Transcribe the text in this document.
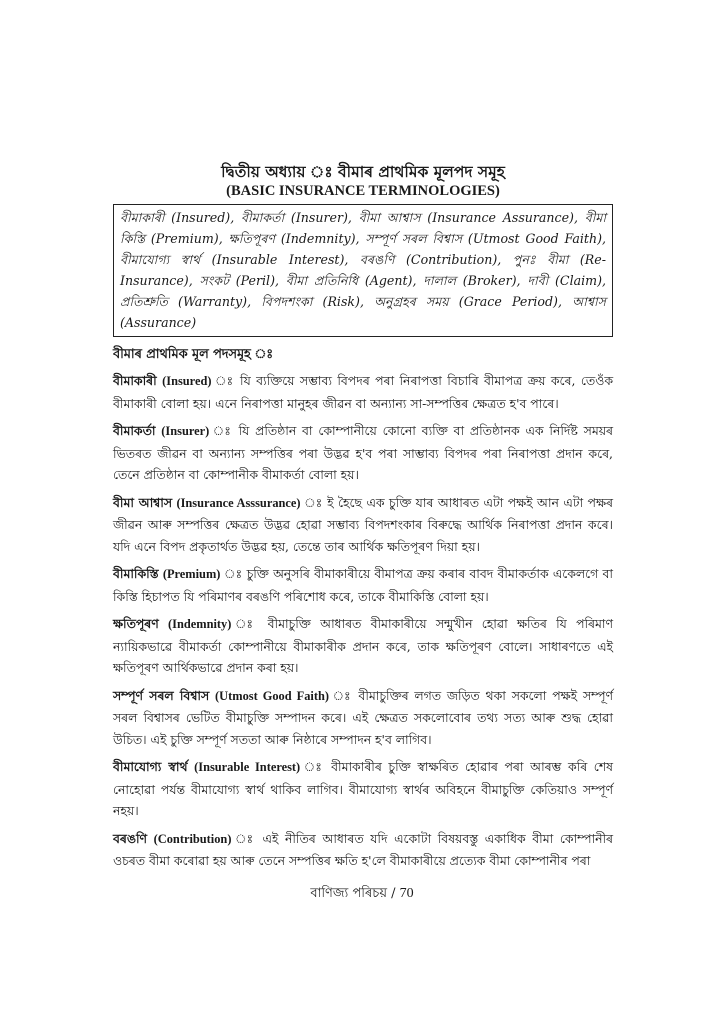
দ্বিতীয় অধ্যায় ঃ বীমাৰ প্ৰাথমিক মূলপদ সমূহ
(BASIC INSURANCE TERMINOLOGIES)
বীমাকাৰী (Insured), বীমাকৰ্তা (Insurer), বীমা আশ্বাস (Insurance Assurance), বীমা কিস্তি (Premium), ক্ষতিপূৰণ (Indemnity), সম্পূৰ্ণ সৰল বিশ্বাস (Utmost Good Faith), বীমাযোগ্য স্বাৰ্থ (Insurable Interest), বৰঙণি (Contribution), পুনঃ বীমা (Re-Insurance), সংকট (Peril), বীমা প্ৰতিনিধি (Agent), দালাল (Broker), দাবী (Claim), প্ৰতিশ্ৰুতি (Warranty), বিপদশংকা (Risk), অনুগ্ৰহৰ সময় (Grace Period), আশ্বাস (Assurance)
বীমাৰ প্ৰাথমিক মূল পদসমূহ ঃ

বীমাকাৰী (Insured) ঃ যি ব্যক্তিয়ে সম্ভাব্য বিপদৰ পৰা নিৰাপত্তা বিচাৰি বীমাপত্ৰ ক্ৰয় কৰে, তেওঁক বীমাকাৰী বোলা হয়। এনে নিৰাপত্তা মানুহৰ জীৱন বা অন্যান্য সা-সম্পত্তিৰ ক্ষেত্ৰত হ'ব পাৰে।

বীমাকৰ্তা (Insurer) ঃ যি প্ৰতিষ্ঠান বা কোম্পানীয়ে কোনো ব্যক্তি বা প্ৰতিষ্ঠানক এক নিৰ্দিষ্ট সময়ৰ ভিতৰত জীৱন বা অন্যান্য সম্পত্তিৰ পৰা উদ্ভৱ হ'ব পৰা সাম্ভাব্য বিপদৰ পৰা নিৰাপত্তা প্ৰদান কৰে, তেনে প্ৰতিষ্ঠান বা কোম্পানীক বীমাকৰ্তা বোলা হয়।

বীমা আশ্বাস (Insurance Asssurance) ঃ ই হৈছে এক চুক্তি যাৰ আধাৰত এটা পক্ষই আন এটা পক্ষৰ জীৱন আৰু সম্পত্তিৰ ক্ষেত্ৰত উদ্ভৱ হোৱা সম্ভাব্য বিপদশংকাৰ বিৰুদ্ধে আৰ্থিক নিৰাপত্তা প্ৰদান কৰে। যদি এনে বিপদ প্ৰকৃতাৰ্থত উদ্ভৱ হয়, তেন্তে তাৰ আৰ্থিক ক্ষতিপূৰণ দিয়া হয়।

বীমাকিস্তি (Premium) ঃ চুক্তি অনুসৰি বীমাকাৰীয়ে বীমাপত্ৰ ক্ৰয় কৰাৰ বাবদ বীমাকৰ্তাক একেলগে বা কিস্তি হিচাপত যি পৰিমাণৰ বৰঙণি পৰিশোধ কৰে, তাকে বীমাকিস্তি বোলা হয়।

ক্ষতিপূৰণ (Indemnity) ঃ বীমাচুক্তি আধাৰত বীমাকাৰীয়ে সন্মুখীন হোৱা ক্ষতিৰ যি পৰিমাণ ন্যায়িকভাৱে বীমাকৰ্তা কোম্পানীয়ে বীমাকাৰীক প্ৰদান কৰে, তাক ক্ষতিপূৰণ বোলে। সাধাৰণতে এই ক্ষতিপূৰণ আৰ্থিকভাৱে প্ৰদান কৰা হয়।

সম্পূৰ্ণ সৰল বিশ্বাস (Utmost Good Faith) ঃ বীমাচুক্তিৰ লগত জড়িত থকা সকলো পক্ষই সম্পূৰ্ণ সৰল বিশ্বাসৰ ভেটিত বীমাচুক্তি সম্পাদন কৰে। এই ক্ষেত্ৰত সকলোবোৰ তথ্য সত্য আৰু শুদ্ধ হোৱা উচিত। এই চুক্তি সম্পূৰ্ণ সততা আৰু নিষ্ঠাৰে সম্পাদন হ'ব লাগিব।

বীমাযোগ্য স্বাৰ্থ (Insurable Interest) ঃ বীমাকাৰীৰ চুক্তি স্বাক্ষৰিত হোৱাৰ পৰা আৰম্ভ কৰি শেষ নোহোৱা পৰ্যন্ত বীমাযোগ্য স্বাৰ্থ থাকিব লাগিব। বীমাযোগ্য স্বাৰ্থৰ অবিহনে বীমাচুক্তি কেতিয়াও সম্পূৰ্ণ নহয়।

বৰঙণি (Contribution) ঃ এই নীতিৰ আধাৰত যদি একোটা বিষয়বস্তু একাধিক বীমা কোম্পানীৰ ওচৰত বীমা কৰোৱা হয় আৰু তেনে সম্পত্তিৰ ক্ষতি হ'লে বীমাকাৰীয়ে প্ৰত্যেক বীমা কোম্পানীৰ পৰা

বাণিজ্য পৰিচয় / 70
